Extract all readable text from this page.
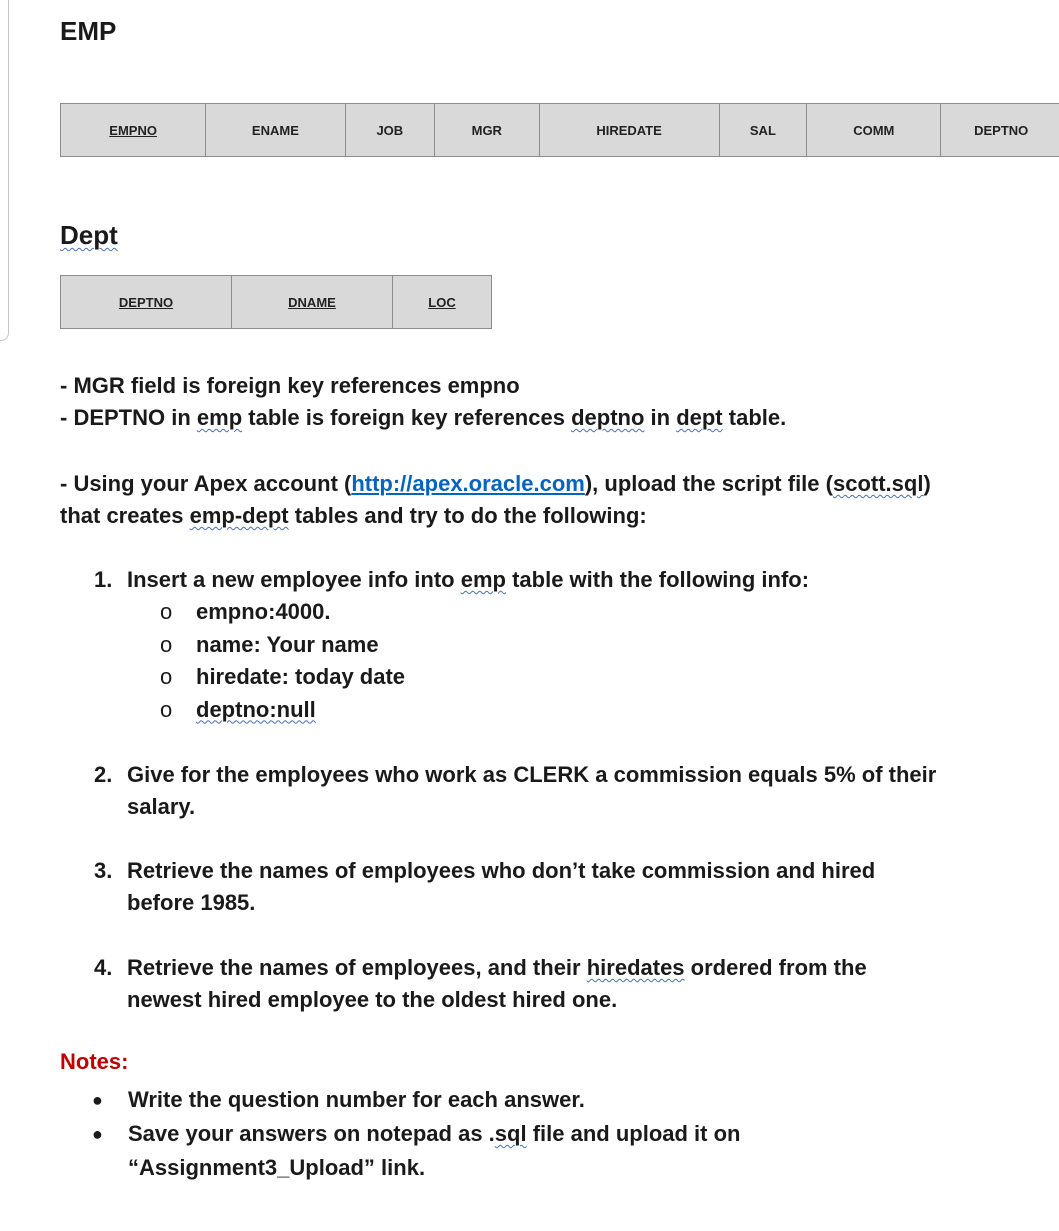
EMP
EMPNO	ENAME	JOB	MGR	HIREDATE	SAL	COMM	DEPTNO
Dept
DEPTNO	DNAME	LOC

- MGR field is foreign key references empno
- DEPTNO in emp table is foreign key references deptno in dept table.

- Using your Apex account (http://apex.oracle.com), upload the script file (scott.sql)
that creates emp-dept tables and try to do the following:

1. Insert a new employee info into emp table with the following info:
o empno:4000.
o name: Your name
o hiredate: today date
o deptno:null
2. Give for the employees who work as CLERK a commission equals 5% of their salary.
3. Retrieve the names of employees who don’t take commission and hired before 1985.
4. Retrieve the names of employees, and their hiredates ordered from the newest hired employee to the oldest hired one.

Notes:

● Write the question number for each answer.
● Save your answers on notepad as .sql file and upload it on “Assignment3_Upload” link.
